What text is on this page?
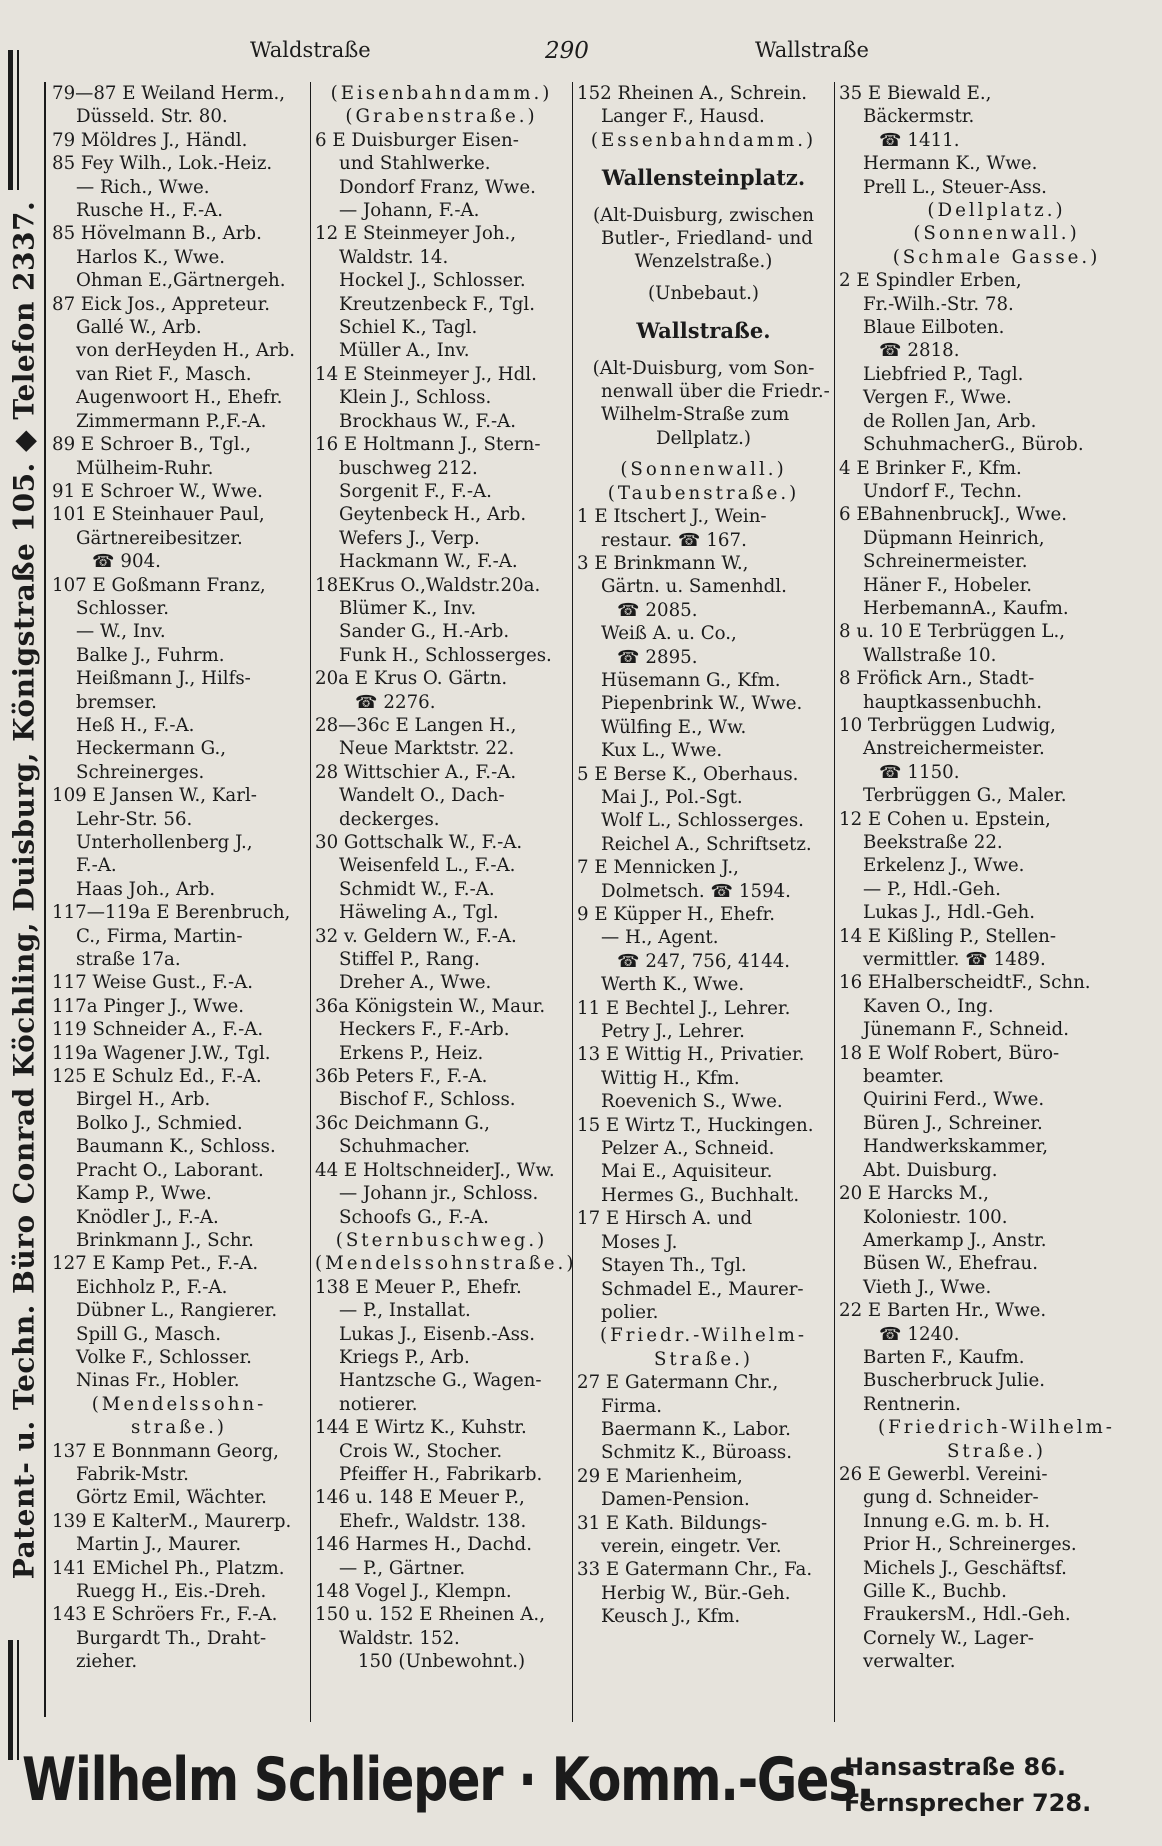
Patent- u. Techn. Büro Conrad Köchling, Duisburg, Königstraße 105. ◆ Telefon 2337.
Waldstraße	290	Wallstraße
79—87 E Weiland Herm.,
Düsseld. Str. 80.
79 Möldres J., Händl.
85 Fey Wilh., Lok.-Heiz.
— Rich., Wwe.
Rusche H., F.-A.
85 Hövelmann B., Arb.
Harlos K., Wwe.
Ohman E.,Gärtnergeh.
87 Eick Jos., Appreteur.
Gallé W., Arb.
von derHeyden H., Arb.
van Riet F., Masch.
Augenwoort H., Ehefr.
Zimmermann P.,F.-A.
89 E Schroer B., Tgl.,
Mülheim-Ruhr.
91 E Schroer W., Wwe.
101 E Steinhauer Paul,
Gärtnereibesitzer.
☎ 904.
107 E Goßmann Franz,
Schlosser.
— W., Inv.
Balke J., Fuhrm.
Heißmann J., Hilfs-
bremser.
Heß H., F.-A.
Heckermann G.,
Schreinerges.
109 E Jansen W., Karl-
Lehr-Str. 56.
Unterhollenberg J.,
F.-A.
Haas Joh., Arb.
117—119a E Berenbruch,
C., Firma, Martin-
straße 17a.
117 Weise Gust., F.-A.
117a Pinger J., Wwe.
119 Schneider A., F.-A.
119a Wagener J.W., Tgl.
125 E Schulz Ed., F.-A.
Birgel H., Arb.
Bolko J., Schmied.
Baumann K., Schloss.
Pracht O., Laborant.
Kamp P., Wwe.
Knödler J., F.-A.
Brinkmann J., Schr.
127 E Kamp Pet., F.-A.
Eichholz P., F.-A.
Dübner L., Rangierer.
Spill G., Masch.
Volke F., Schlosser.
Ninas Fr., Hobler.
(Mendelssohn-
straße.)
137 E Bonnmann Georg,
Fabrik-Mstr.
Görtz Emil, Wächter.
139 E KalterM., Maurerp.
Martin J., Maurer.
141 EMichel Ph., Platzm.
Ruegg H., Eis.-Dreh.
143 E Schröers Fr., F.-A.
Burgardt Th., Draht-
zieher.
(Eisenbahndamm.)
(Grabenstraße.)
6 E Duisburger Eisen-
und Stahlwerke.
Dondorf Franz, Wwe.
— Johann, F.-A.
12 E Steinmeyer Joh.,
Waldstr. 14.
Hockel J., Schlosser.
Kreutzenbeck F., Tgl.
Schiel K., Tagl.
Müller A., Inv.
14 E Steinmeyer J., Hdl.
Klein J., Schloss.
Brockhaus W., F.-A.
16 E Holtmann J., Stern-
buschweg 212.
Sorgenit F., F.-A.
Geytenbeck H., Arb.
Wefers J., Verp.
Hackmann W., F.-A.
18EKrus O.,Waldstr.20a.
Blümer K., Inv.
Sander G., H.-Arb.
Funk H., Schlosserges.
20a E Krus O. Gärtn.
☎ 2276.
28—36c E Langen H.,
Neue Marktstr. 22.
28 Wittschier A., F.-A.
Wandelt O., Dach-
deckerges.
30 Gottschalk W., F.-A.
Weisenfeld L., F.-A.
Schmidt W., F.-A.
Häweling A., Tgl.
32 v. Geldern W., F.-A.
Stiffel P., Rang.
Dreher A., Wwe.
36a Königstein W., Maur.
Heckers F., F.-Arb.
Erkens P., Heiz.
36b Peters F., F.-A.
Bischof F., Schloss.
36c Deichmann G.,
Schuhmacher.
44 E HoltschneiderJ., Ww.
— Johann jr., Schloss.
Schoofs G., F.-A.
(Sternbuschweg.)
(Mendelssohnstraße.)
138 E Meuer P., Ehefr.
— P., Installat.
Lukas J., Eisenb.-Ass.
Kriegs P., Arb.
Hantzsche G., Wagen-
notierer.
144 E Wirtz K., Kuhstr.
Crois W., Stocher.
Pfeiffer H., Fabrikarb.
146 u. 148 E Meuer P.,
Ehefr., Waldstr. 138.
146 Harmes H., Dachd.
— P., Gärtner.
148 Vogel J., Klempn.
150 u. 152 E Rheinen A.,
Waldstr. 152.
150 (Unbewohnt.)
152 Rheinen A., Schrein.
Langer F., Hausd.
(Essenbahndamm.)
Wallensteinplatz.
(Alt-Duisburg, zwischen
Butler-, Friedland- und
Wenzelstraße.)
(Unbebaut.)
Wallstraße.
(Alt-Duisburg, vom Son-
nenwall über die Friedr.-
Wilhelm-Straße zum
Dellplatz.)
(Sonnenwall.)
(Taubenstraße.)
1 E Itschert J., Wein-
restaur. ☎ 167.
3 E Brinkmann W.,
Gärtn. u. Samenhdl.
☎ 2085.
Weiß A. u. Co.,
☎ 2895.
Hüsemann G., Kfm.
Piepenbrink W., Wwe.
Wülfing E., Ww.
Kux L., Wwe.
5 E Berse K., Oberhaus.
Mai J., Pol.-Sgt.
Wolf L., Schlosserges.
Reichel A., Schriftsetz.
7 E Mennicken J.,
Dolmetsch. ☎ 1594.
9 E Küpper H., Ehefr.
— H., Agent.
☎ 247, 756, 4144.
Werth K., Wwe.
11 E Bechtel J., Lehrer.
Petry J., Lehrer.
13 E Wittig H., Privatier.
Wittig H., Kfm.
Roevenich S., Wwe.
15 E Wirtz T., Huckingen.
Pelzer A., Schneid.
Mai E., Aquisiteur.
Hermes G., Buchhalt.
17 E Hirsch A. und
Moses J.
Stayen Th., Tgl.
Schmadel E., Maurer-
polier.
(Friedr.-Wilhelm-
Straße.)
27 E Gatermann Chr.,
Firma.
Baermann K., Labor.
Schmitz K., Büroass.
29 E Marienheim,
Damen-Pension.
31 E Kath. Bildungs-
verein, eingetr. Ver.
33 E Gatermann Chr., Fa.
Herbig W., Bür.-Geh.
Keusch J., Kfm.
35 E Biewald E.,
Bäckermstr.
☎ 1411.
Hermann K., Wwe.
Prell L., Steuer-Ass.
(Dellplatz.)
(Sonnenwall.)
(Schmale Gasse.)
2 E Spindler Erben,
Fr.-Wilh.-Str. 78.
Blaue Eilboten.
☎ 2818.
Liebfried P., Tagl.
Vergen F., Wwe.
de Rollen Jan, Arb.
SchuhmacherG., Bürob.
4 E Brinker F., Kfm.
Undorf F., Techn.
6 EBahnenbruckJ., Wwe.
Düpmann Heinrich,
Schreinermeister.
Häner F., Hobeler.
HerbemannA., Kaufm.
8 u. 10 E Terbrüggen L.,
Wallstraße 10.
8 Fröfick Arn., Stadt-
hauptkassenbuchh.
10 Terbrüggen Ludwig,
Anstreichermeister.
☎ 1150.
Terbrüggen G., Maler.
12 E Cohen u. Epstein,
Beekstraße 22.
Erkelenz J., Wwe.
— P., Hdl.-Geh.
Lukas J., Hdl.-Geh.
14 E Kißling P., Stellen-
vermittler. ☎ 1489.
16 EHalberscheidtF., Schn.
Kaven O., Ing.
Jünemann F., Schneid.
18 E Wolf Robert, Büro-
beamter.
Quirini Ferd., Wwe.
Büren J., Schreiner.
Handwerkskammer,
Abt. Duisburg.
20 E Harcks M.,
Koloniestr. 100.
Amerkamp J., Anstr.
Büsen W., Ehefrau.
Vieth J., Wwe.
22 E Barten Hr., Wwe.
☎ 1240.
Barten F., Kaufm.
Buscherbruck Julie.
Rentnerin.
(Friedrich-Wilhelm-
Straße.)
26 E Gewerbl. Vereini-
gung d. Schneider-
Innung e.G. m. b. H.
Prior H., Schreinerges.
Michels J., Geschäftsf.
Gille K., Buchb.
FraukersM., Hdl.-Geh.
Cornely W., Lager-
verwalter.
Wilhelm Schlieper · Komm.-Ges.
Hansastraße 86.
Fernsprecher 728.
